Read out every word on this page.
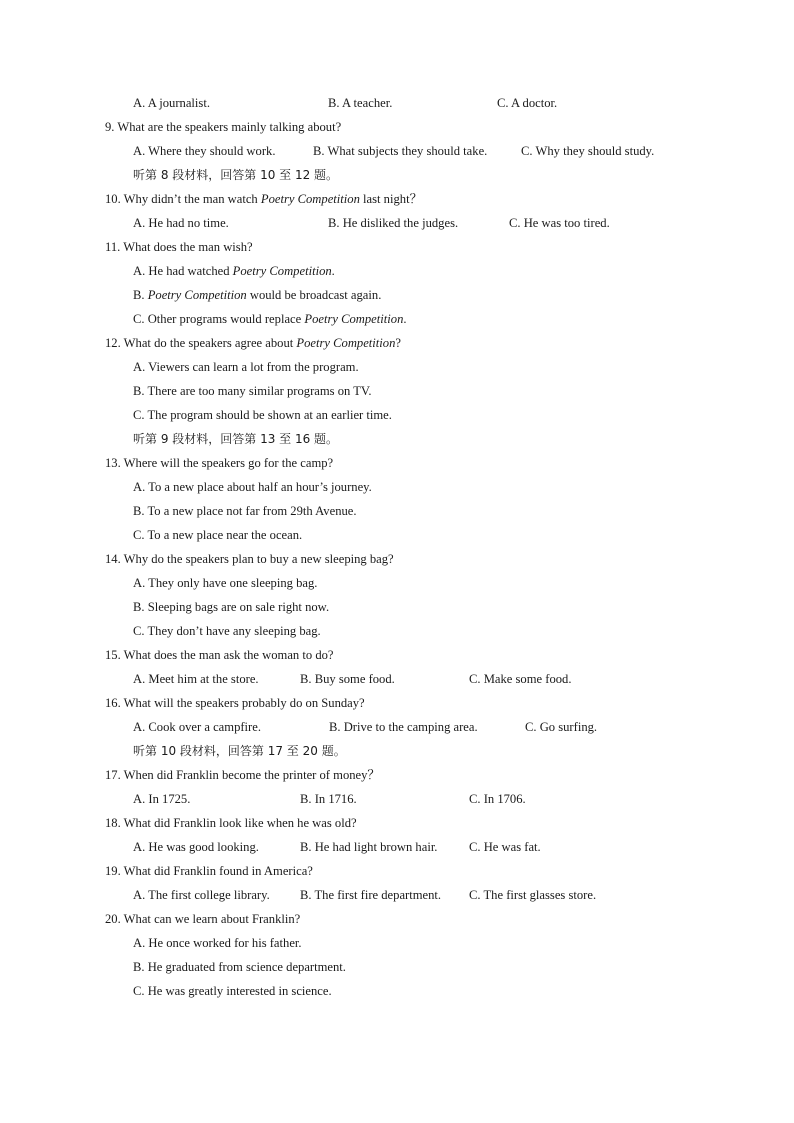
A. A journalist.	B. A teacher.	C. A doctor.
9. What are the speakers mainly talking about?
A. Where they should work.	B. What subjects they should take.	C. Why they should study.
听第 8 段材料，回答第 10 至 12 题。
10. Why didn’t the man watch Poetry Competition last night？
A. He had no time.	B. He disliked the judges.	C. He was too tired.
11. What does the man wish?
A. He had watched Poetry Competition.
B. Poetry Competition would be broadcast again.
C. Other programs would replace Poetry Competition.
12. What do the speakers agree about Poetry Competition?
A. Viewers can learn a lot from the program.
B. There are too many similar programs on TV.
C. The program should be shown at an earlier time.
听第 9 段材料，回答第 13 至 16 题。
13. Where will the speakers go for the camp?
A. To a new place about half an hour’s journey.
B. To a new place not far from 29th Avenue.
C. To a new place near the ocean.
14. Why do the speakers plan to buy a new sleeping bag?
A. They only have one sleeping bag.
B. Sleeping bags are on sale right now.
C. They don’t have any sleeping bag.
15. What does the man ask the woman to do?
A. Meet him at the store.	B. Buy some food.	C. Make some food.
16. What will the speakers probably do on Sunday?
A. Cook over a campfire.	B. Drive to the camping area.	C. Go surfing.
听第 10 段材料，回答第 17 至 20 题。
17. When did Franklin become the printer of money？
A. In 1725.	B. In 1716.	C. In 1706.
18. What did Franklin look like when he was old?
A. He was good looking.	B. He had light brown hair.	C. He was fat.
19. What did Franklin found in America?
A. The first college library. B. The first fire department. C. The first glasses store.
20. What can we learn about Franklin?
A. He once worked for his father.
B. He graduated from science department.
C. He was greatly interested in science.
